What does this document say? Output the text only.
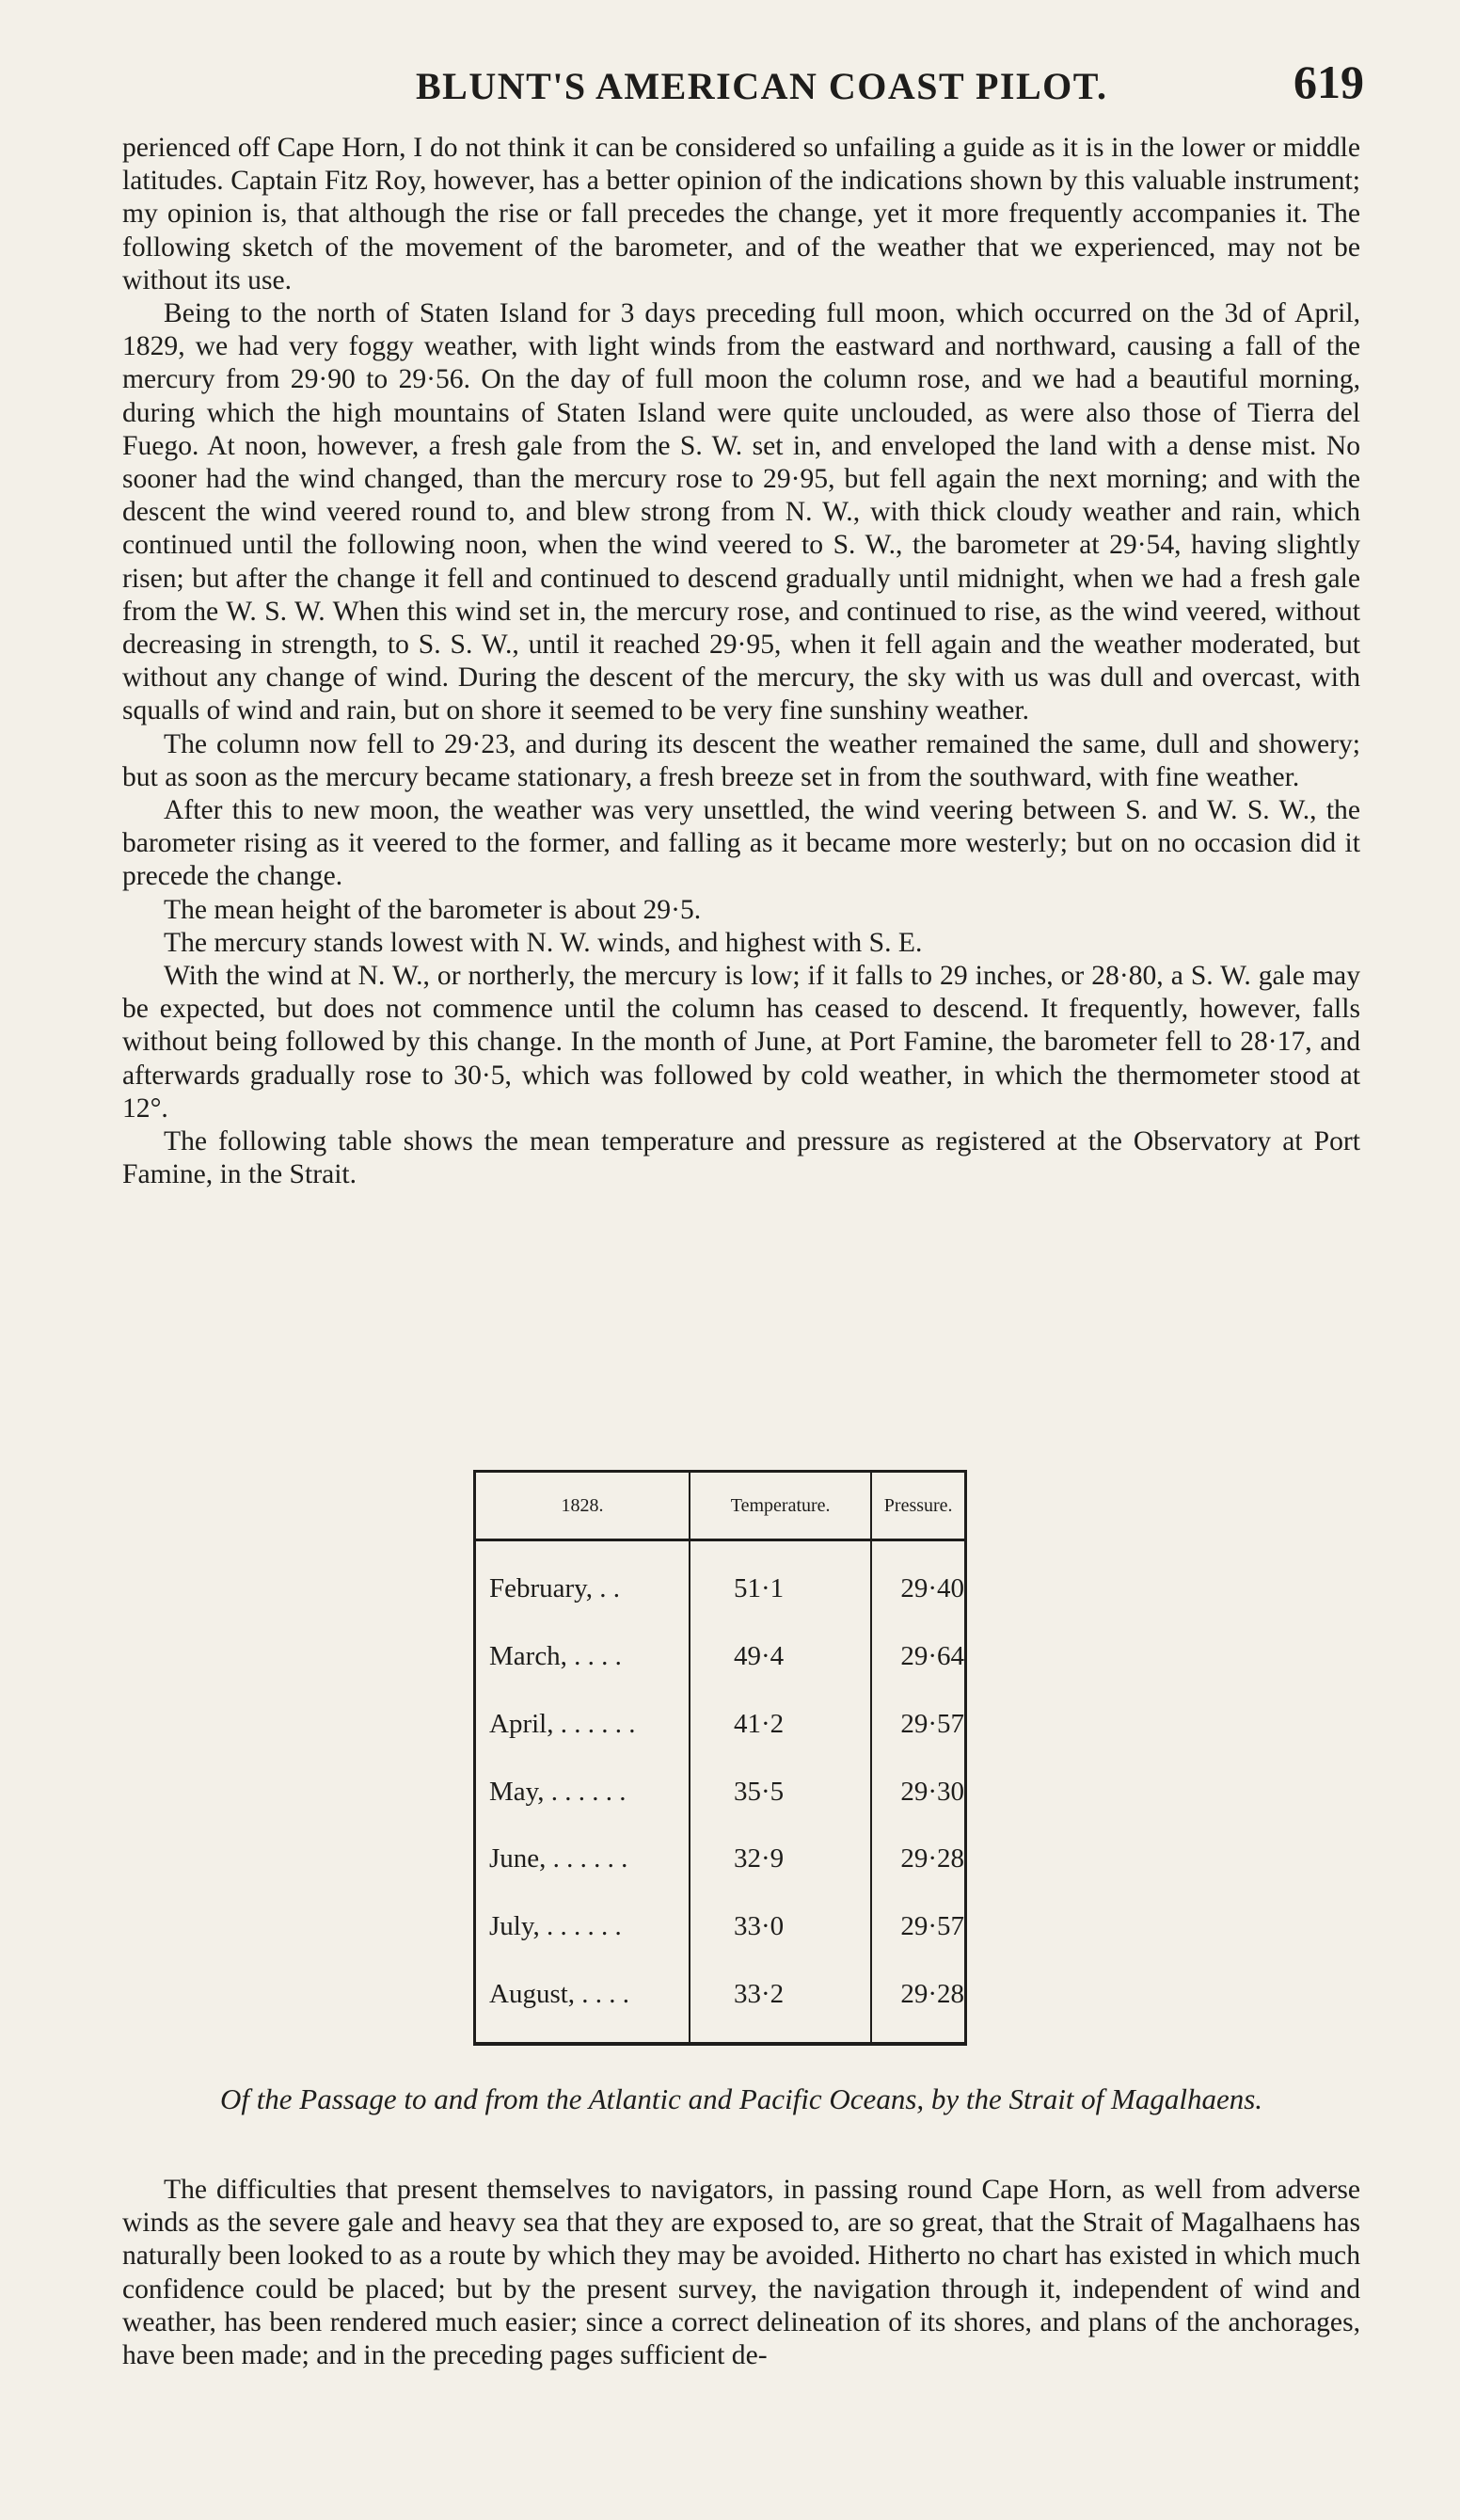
BLUNT'S AMERICAN COAST PILOT.	619

perienced off Cape Horn, I do not think it can be considered so unfailing a guide as it is in the lower or middle latitudes. Captain Fitz Roy, however, has a better opinion of the indications shown by this valuable instrument; my opinion is, that although the rise or fall precedes the change, yet it more frequently accompanies it. The following sketch of the movement of the barometer, and of the weather that we experienced, may not be without its use.

Being to the north of Staten Island for 3 days preceding full moon, which occurred on the 3d of April, 1829, we had very foggy weather, with light winds from the eastward and northward, causing a fall of the mercury from 29·90 to 29·56. On the day of full moon the column rose, and we had a beautiful morning, during which the high mountains of Staten Island were quite unclouded, as were also those of Tierra del Fuego. At noon, however, a fresh gale from the S. W. set in, and enveloped the land with a dense mist. No sooner had the wind changed, than the mercury rose to 29·95, but fell again the next morning; and with the descent the wind veered round to, and blew strong from N. W., with thick cloudy weather and rain, which continued until the following noon, when the wind veered to S. W., the barometer at 29·54, having slightly risen; but after the change it fell and continued to descend gradually until midnight, when we had a fresh gale from the W. S. W. When this wind set in, the mercury rose, and continued to rise, as the wind veered, without decreasing in strength, to S. S. W., until it reached 29·95, when it fell again and the weather moderated, but without any change of wind. During the descent of the mercury, the sky with us was dull and overcast, with squalls of wind and rain, but on shore it seemed to be very fine sunshiny weather.

The column now fell to 29·23, and during its descent the weather remained the same, dull and showery; but as soon as the mercury became stationary, a fresh breeze set in from the southward, with fine weather.

After this to new moon, the weather was very unsettled, the wind veering between S. and W. S. W., the barometer rising as it veered to the former, and falling as it became more westerly; but on no occasion did it precede the change.

The mean height of the barometer is about 29·5.

The mercury stands lowest with N. W. winds, and highest with S. E.

With the wind at N. W., or northerly, the mercury is low; if it falls to 29 inches, or 28·80, a S. W. gale may be expected, but does not commence until the column has ceased to descend. It frequently, however, falls without being followed by this change. In the month of June, at Port Famine, the barometer fell to 28·17, and afterwards gradually rose to 30·5, which was followed by cold weather, in which the thermometer stood at 12°.

The following table shows the mean temperature and pressure as registered at the Observatory at Port Famine, in the Strait.

1828.	Temperature.	Pressure.

February, . .	51·1	29·40
March, . . . .	49·4	29·64
April, . . . . . .	41·2	29·57
May, . . . . . .	35·5	29·30
June, . . . . . .	32·9	29·28
July, . . . . . .	33·0	29·57
August, . . . .	33·2	29·28

Of the Passage to and from the Atlantic and Pacific Oceans, by the Strait of Magalhaens.

The difficulties that present themselves to navigators, in passing round Cape Horn, as well from adverse winds as the severe gale and heavy sea that they are exposed to, are so great, that the Strait of Magalhaens has naturally been looked to as a route by which they may be avoided. Hitherto no chart has existed in which much confidence could be placed; but by the present survey, the navigation through it, independent of wind and weather, has been rendered much easier; since a correct delineation of its shores, and plans of the anchorages, have been made; and in the preceding pages sufficient de-
